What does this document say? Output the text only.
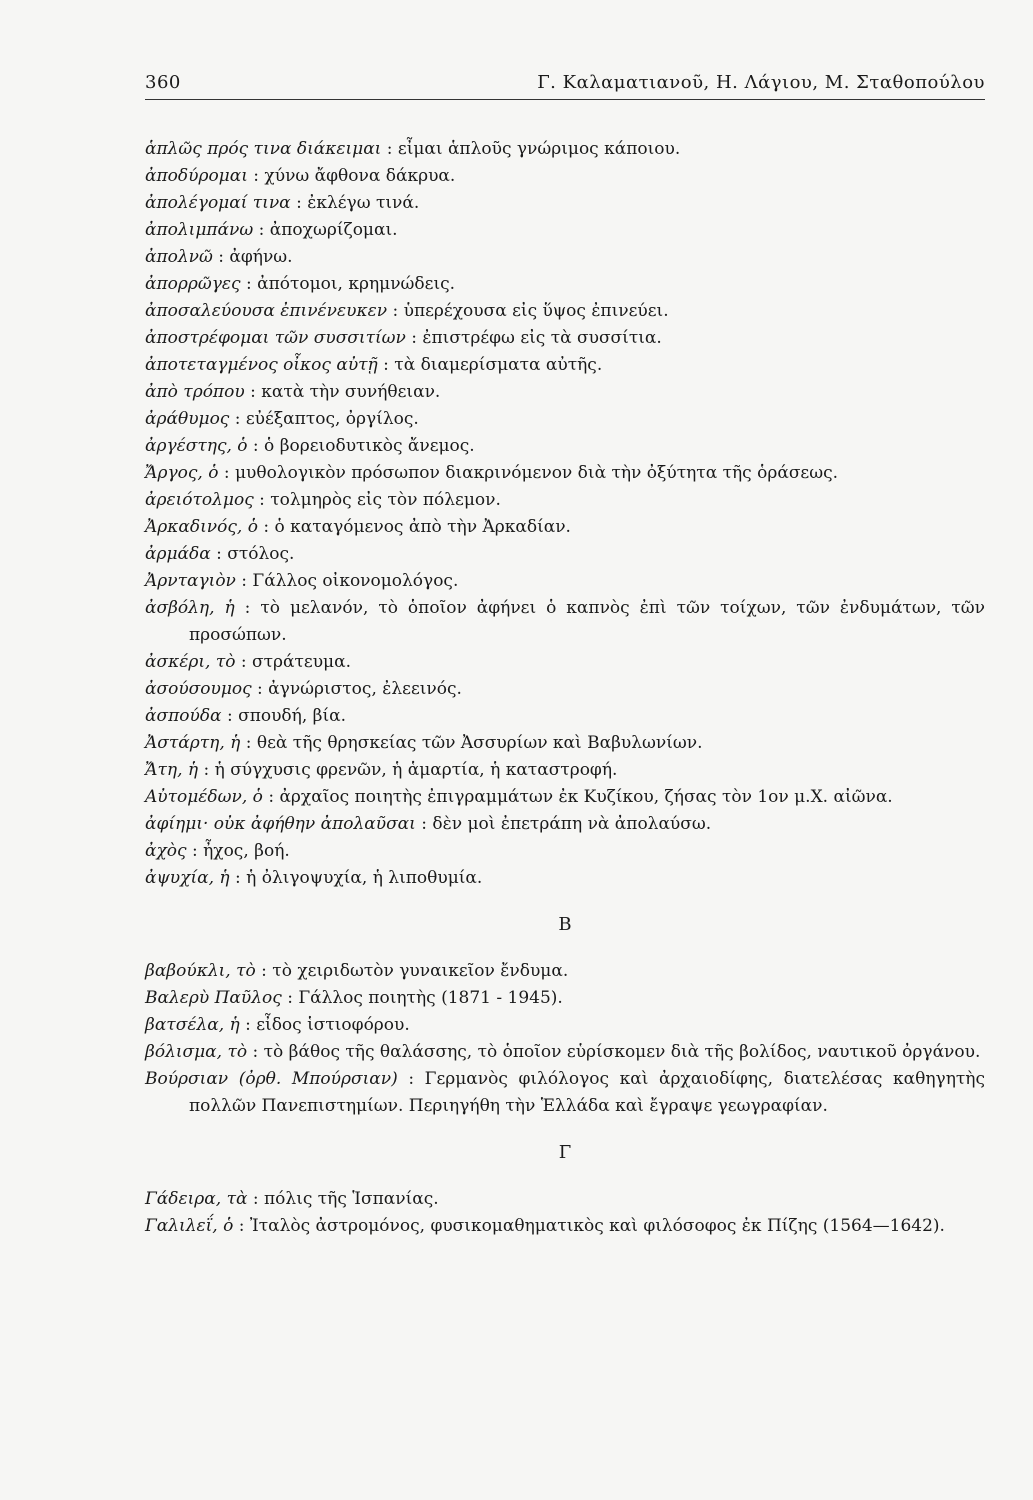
360	Γ. Καλαματιανοῦ, Η. Λάγιου, Μ. Σταθοπούλου

ἁπλῶς πρός τινα διάκειμαι : εἶμαι ἁπλοῦς γνώριμος κάποιου.

ἀποδύρομαι : χύνω ἄφθονα δάκρυα.

ἀπολέγομαί τινα : ἐκλέγω τινά.

ἀπολιμπάνω : ἀποχωρίζομαι.

ἀπολνῶ : ἀφήνω.

ἀπορρῶγες : ἀπότομοι, κρημνώδεις.

ἀποσαλεύουσα ἐπινένευκεν : ὑπερέχουσα εἰς ὕψος ἐπινεύει.

ἀποστρέφομαι τῶν συσσιτίων : ἐπιστρέφω εἰς τὰ συσσίτια.

ἀποτεταγμένος οἶκος αὐτῇ : τὰ διαμερίσματα αὐτῆς.

ἀπὸ τρόπου : κατὰ τὴν συνήθειαν.

ἀράθυμος : εὐέξαπτος, ὀργίλος.

ἀργέστης, ὁ : ὁ βορειοδυτικὸς ἄνεμος.

Ἄργος, ὁ : μυθολογικὸν πρόσωπον διακρινόμενον διὰ τὴν ὀξύτητα τῆς ὁράσεως.

ἀρειότολμος : τολμηρὸς εἰς τὸν πόλεμον.

Ἀρκαδινός, ὁ : ὁ καταγόμενος ἀπὸ τὴν Ἀρκαδίαν.

ἀρμάδα : στόλος.

Ἀρνταγιὸν : Γάλλος οἰκονομολόγος.

ἀσβόλη, ἡ : τὸ μελανόν, τὸ ὁποῖον ἀφήνει ὁ καπνὸς ἐπὶ τῶν τοίχων, τῶν ἐνδυμάτων, τῶν προσώπων.

ἀσκέρι, τὸ : στράτευμα.

ἀσούσουμος : ἀγνώριστος, ἐλεεινός.

ἀσπούδα : σπουδή, βία.

Ἀστάρτη, ἡ : θεὰ τῆς θρησκείας τῶν Ἀσσυρίων καὶ Βαβυλωνίων.

Ἄτη, ἡ : ἡ σύγχυσις φρενῶν, ἡ ἁμαρτία, ἡ καταστροφή.

Αὐτομέδων, ὁ : ἀρχαῖος ποιητὴς ἐπιγραμμάτων ἐκ Κυζίκου, ζήσας τὸν 1ον μ.Χ. αἰῶνα.

ἀφίημι· οὐκ ἀφήθην ἀπολαῦσαι : δὲν μοὶ ἐπετράπη νὰ ἀπολαύσω.

ἀχὸς : ἦχος, βοή.

ἀψυχία, ἡ : ἡ ὀλιγοψυχία, ἡ λιποθυμία.

Β

βαβούκλι, τὸ : τὸ χειριδωτὸν γυναικεῖον ἔνδυμα.

Βαλερὺ Παῦλος : Γάλλος ποιητὴς (1871 - 1945).

βατσέλα, ἡ : εἶδος ἱστιοφόρου.

βόλισμα, τὸ : τὸ βάθος τῆς θαλάσσης, τὸ ὁποῖον εὑρίσκομεν διὰ τῆς βολίδος, ναυτικοῦ ὀργάνου.

Βούρσιαν (ὀρθ. Μπούρσιαν) : Γερμανὸς φιλόλογος καὶ ἀρχαιοδίφης, διατελέσας καθηγητὴς πολλῶν Πανεπιστημίων. Περιηγήθη τὴν Ἑλλάδα καὶ ἔγραψε γεωγραφίαν.

Γ

Γάδειρα, τὰ : πόλις τῆς Ἱσπανίας.

Γαλιλεΐ, ὁ : Ἰταλὸς ἀστρομόνος, φυσικομαθηματικὸς καὶ φιλόσοφος ἐκ Πίζης (1564—1642).
